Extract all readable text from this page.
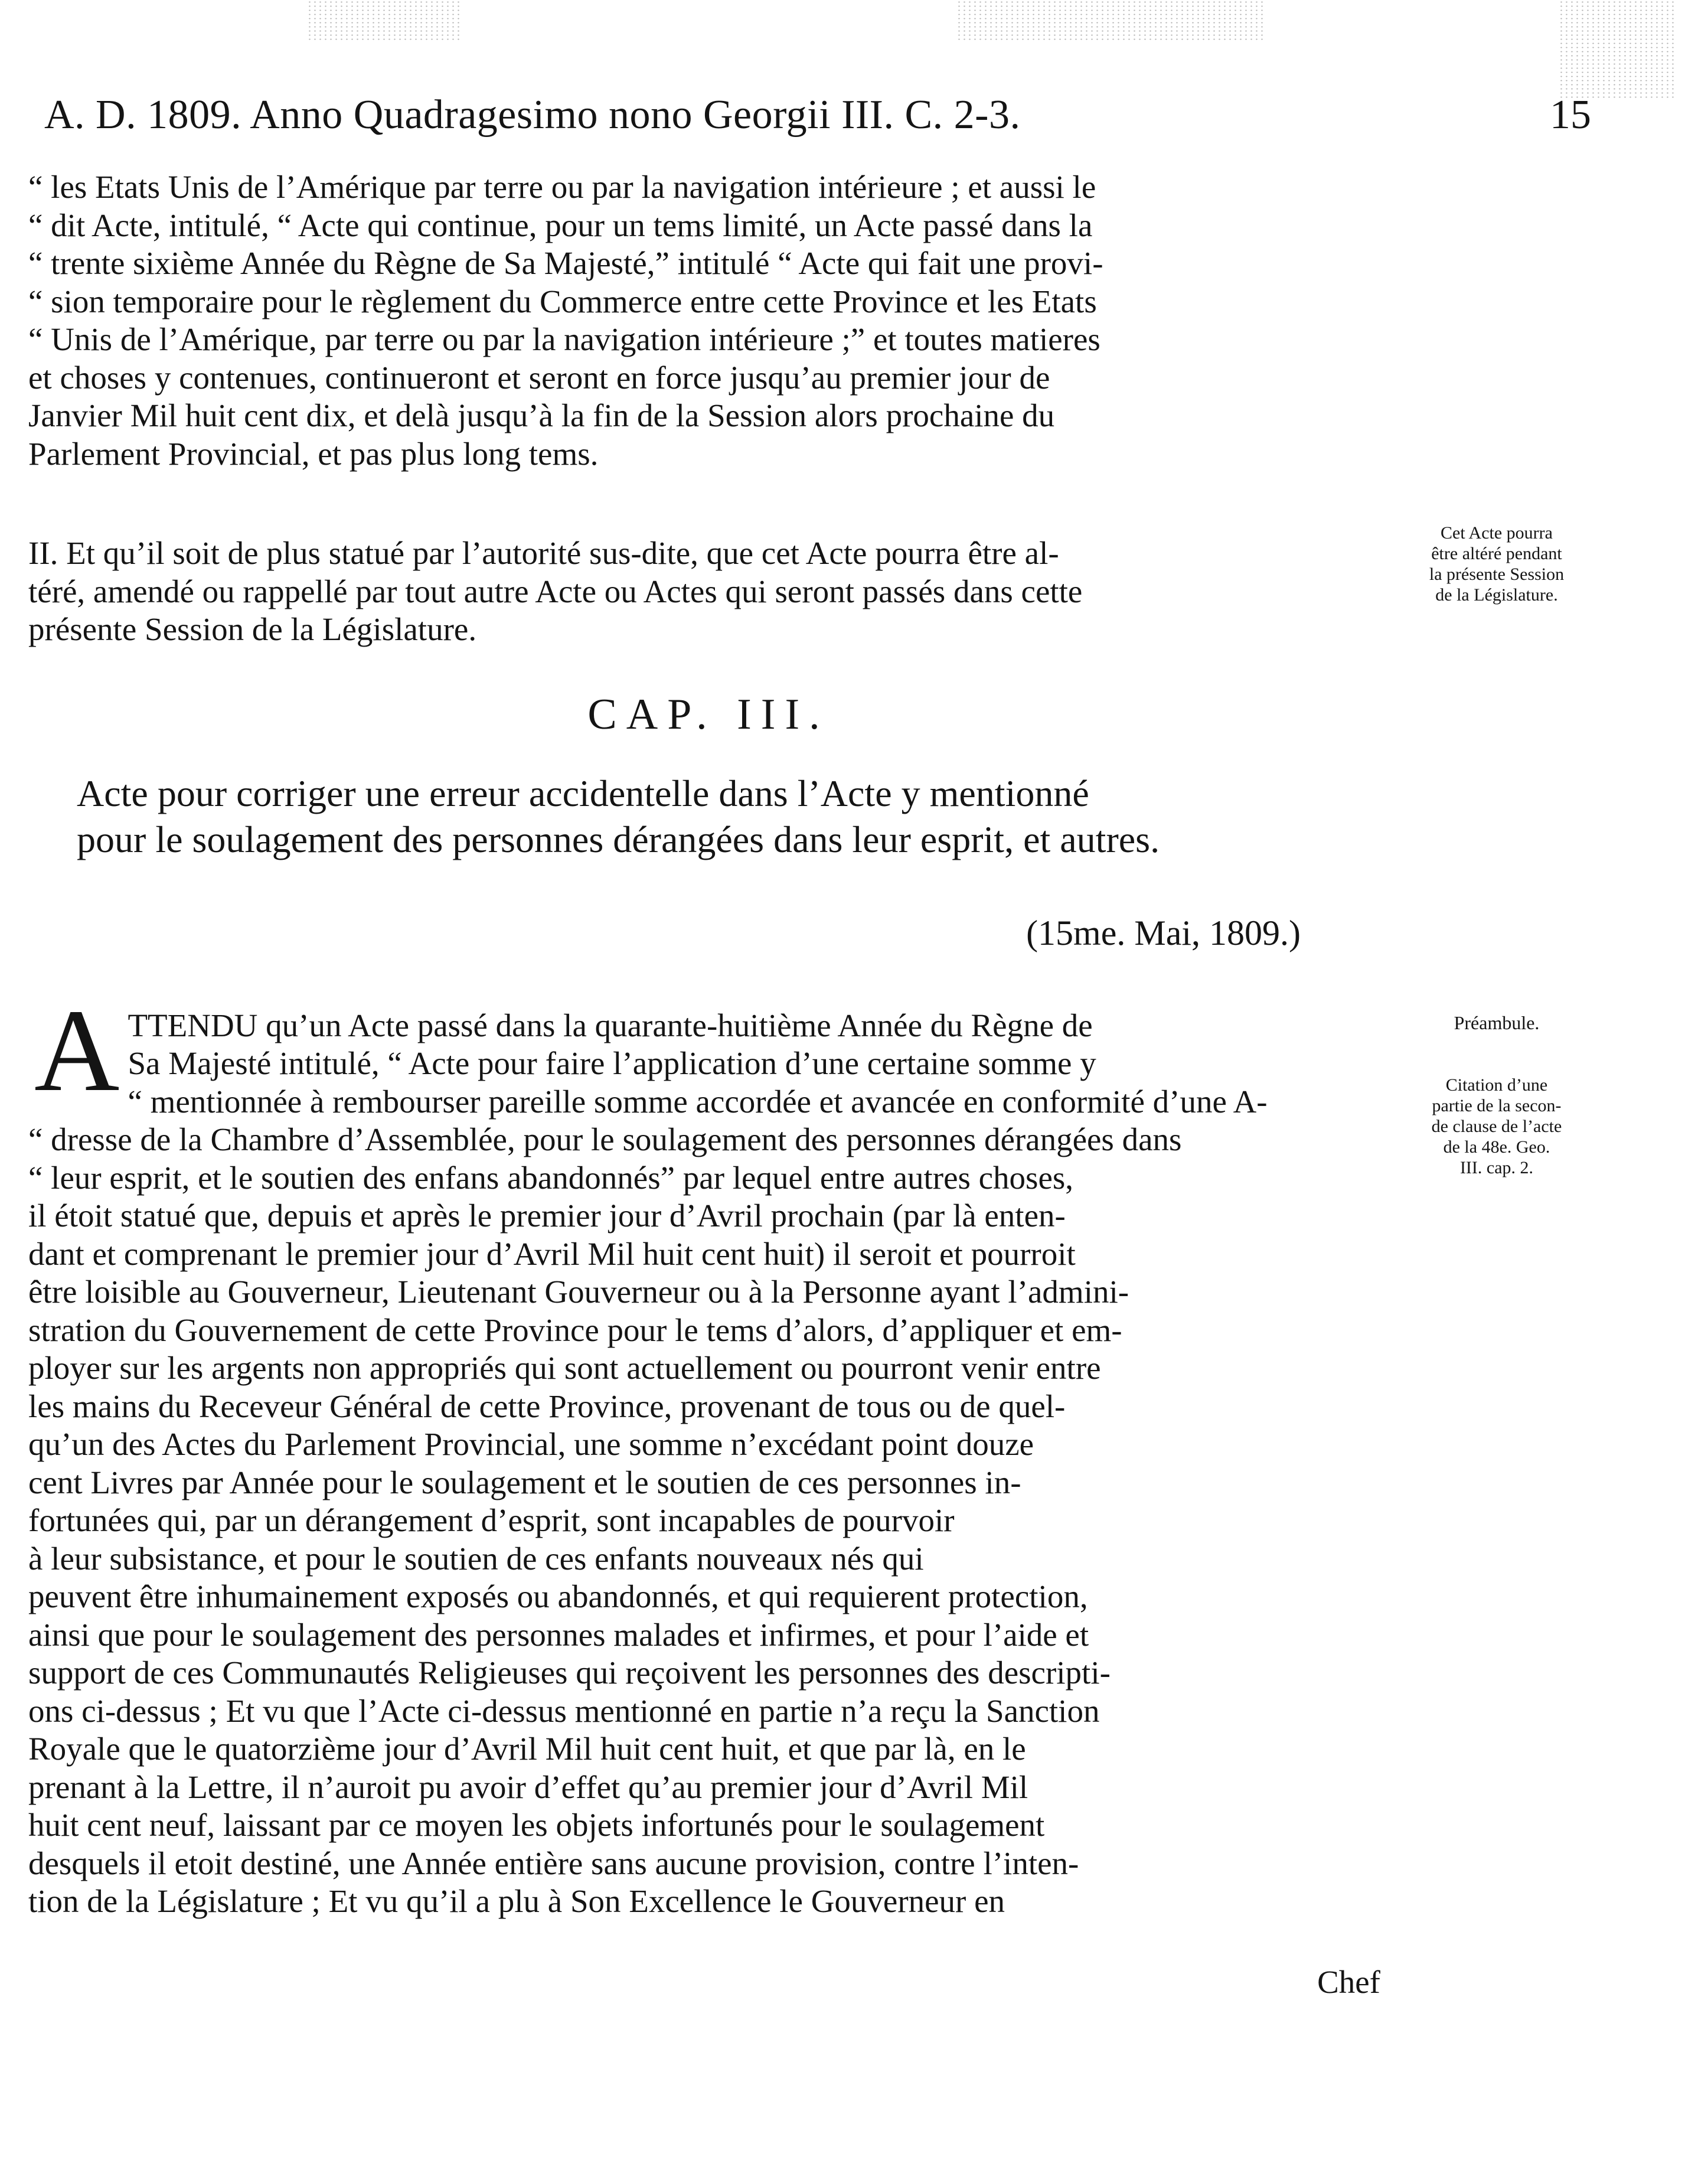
A. D. 1809. Anno Quadragesimo nono Georgii III. C. 2-3.	15
“ les Etats Unis de l’Amérique par terre ou par la navigation intérieure ; et aussi le
“ dit Acte, intitulé, “ Acte qui continue, pour un tems limité, un Acte passé dans la
“ trente sixième Année du Règne de Sa Majesté,” intitulé “ Acte qui fait une provi-
“ sion temporaire pour le règlement du Commerce entre cette Province et les Etats
“ Unis de l’Amérique, par terre ou par la navigation intérieure ;” et toutes matieres
et choses y contenues, continueront et seront en force jusqu’au premier jour de
Janvier Mil huit cent dix, et delà jusqu’à la fin de la Session alors prochaine du
Parlement Provincial, et pas plus long tems.
II. Et qu’il soit de plus statué par l’autorité sus-dite, que cet Acte pourra être al-
téré, amendé ou rappellé par tout autre Acte ou Actes qui seront passés dans cette
présente Session de la Législature.
Cet Acte pourra
être altéré pendant
la présente Session
de la Législature.
CAP. III.
Acte pour corriger une erreur accidentelle dans l’Acte y mentionné
pour le soulagement des personnes dérangées dans leur esprit, et autres.
(15me. Mai, 1809.)

ATTENDU qu’un Acte passé dans la quarante-huitième Année du Règne de
Sa Majesté intitulé, “ Acte pour faire l’application d’une certaine somme y
“ mentionnée à rembourser pareille somme accordée et avancée en conformité d’une A-
“ dresse de la Chambre d’Assemblée, pour le soulagement des personnes dérangées dans
“ leur esprit, et le soutien des enfans abandonnés” par lequel entre autres choses,
il étoit statué que, depuis et après le premier jour d’Avril prochain (par là enten-
dant et comprenant le premier jour d’Avril Mil huit cent huit) il seroit et pourroit
être loisible au Gouverneur, Lieutenant Gouverneur ou à la Personne ayant l’admini-
stration du Gouvernement de cette Province pour le tems d’alors, d’appliquer et em-
ployer sur les argents non appropriés qui sont actuellement ou pourront venir entre
les mains du Receveur Général de cette Province, provenant de tous ou de quel-
qu’un des Actes du Parlement Provincial, une somme n’excédant point douze
cent Livres par Année pour le soulagement et le soutien de ces personnes in-
fortunées qui, par un dérangement d’esprit, sont incapables de pourvoir
à leur subsistance, et pour le soutien de ces enfants nouveaux nés qui
peuvent être inhumainement exposés ou abandonnés, et qui requierent protection,
ainsi que pour le soulagement des personnes malades et infirmes, et pour l’aide et
support de ces Communautés Religieuses qui reçoivent les personnes des descripti-
ons ci-dessus ; Et vu que l’Acte ci-dessus mentionné en partie n’a reçu la Sanction
Royale que le quatorzième jour d’Avril Mil huit cent huit, et que par là, en le
prenant à la Lettre, il n’auroit pu avoir d’effet qu’au premier jour d’Avril Mil
huit cent neuf, laissant par ce moyen les objets infortunés pour le soulagement
desquels il etoit destiné, une Année entière sans aucune provision, contre l’inten-
tion de la Législature ; Et vu qu’il a plu à Son Excellence le Gouverneur en

Préambule.
Citation d’une
partie de la secon-
de clause de l’acte
de la 48e. Geo.
III. cap. 2.
Chef
